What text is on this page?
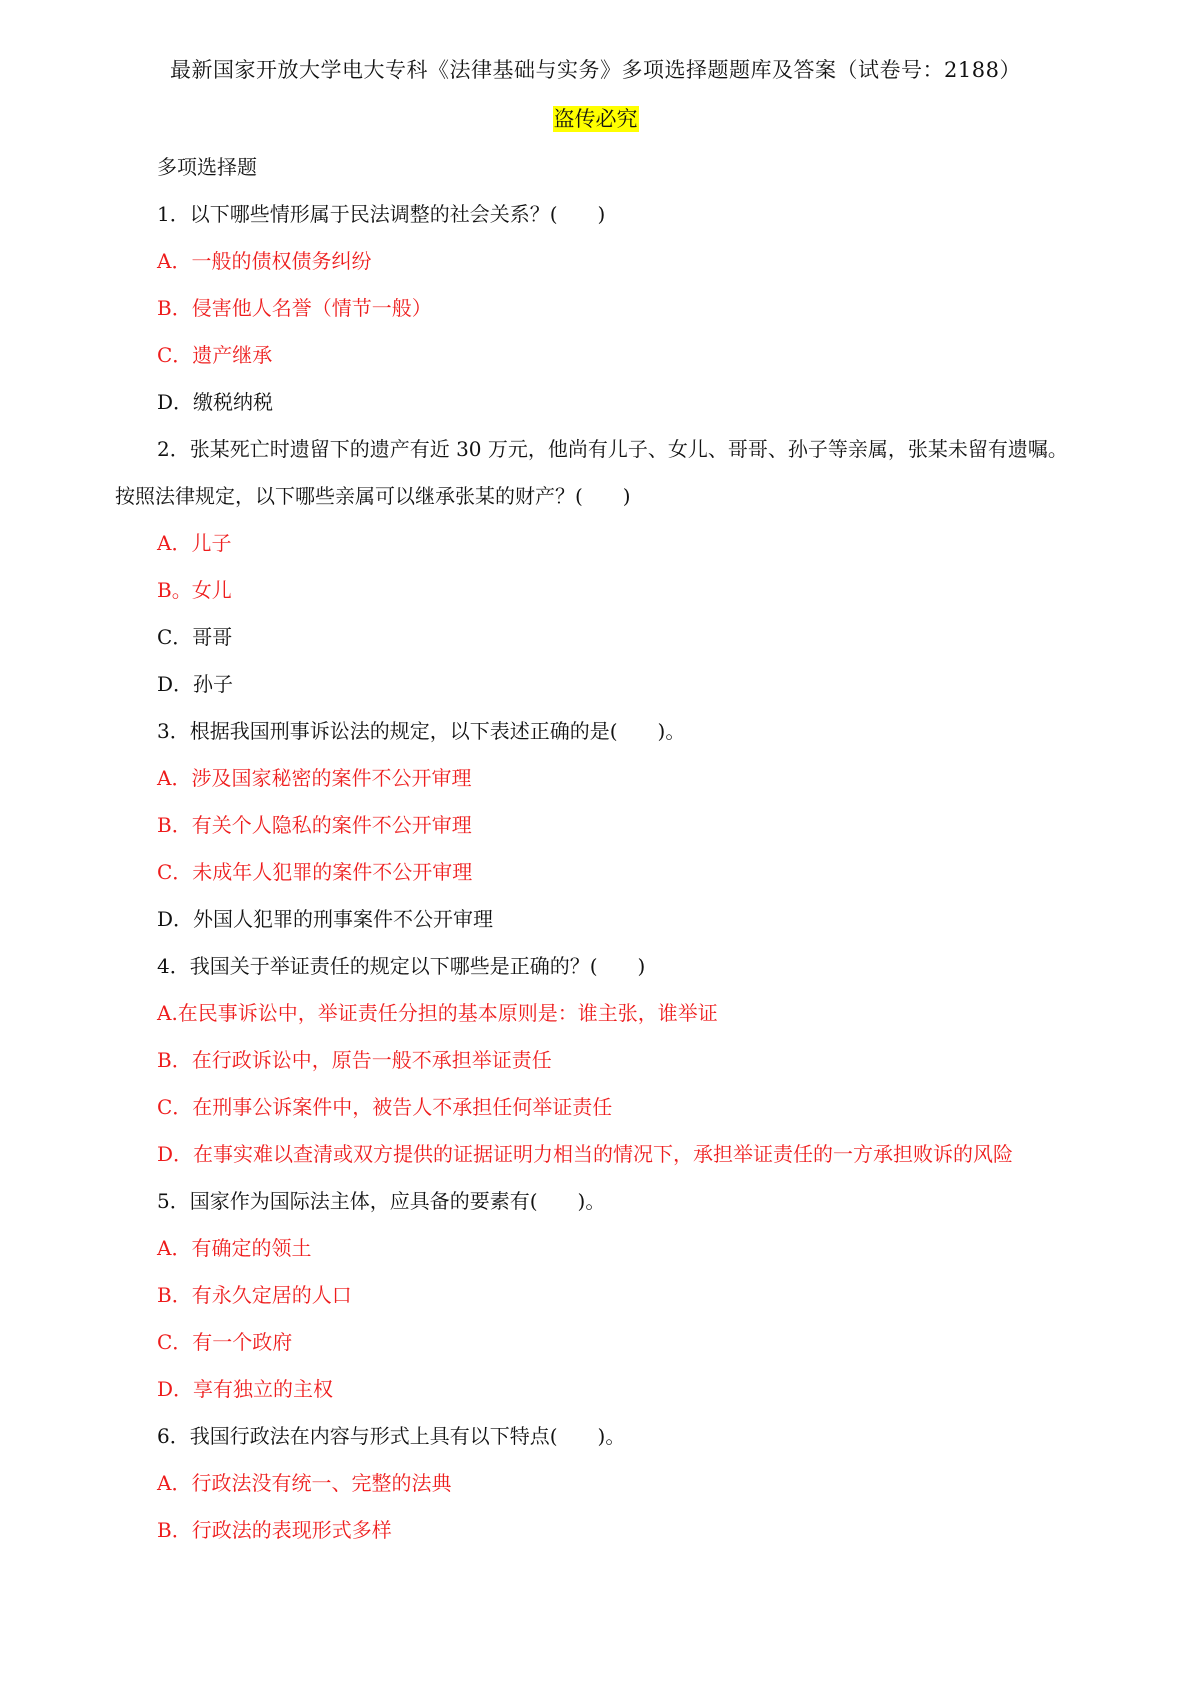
最新国家开放大学电大专科《法律基础与实务》多项选择题题库及答案（试卷号：2188）
盗传必究
多项选择题
1．以下哪些情形属于民法调整的社会关系？(　　)
A．一般的债权债务纠纷
B．侵害他人名誉（情节一般）
C．遗产继承
D．缴税纳税
2．张某死亡时遗留下的遗产有近 30 万元，他尚有儿子、女儿、哥哥、孙子等亲属，张某未留有遗嘱。
按照法律规定，以下哪些亲属可以继承张某的财产？(　　)
A．儿子
B。女儿
C．哥哥
D．孙子
3．根据我国刑事诉讼法的规定，以下表述正确的是(　　)。
A．涉及国家秘密的案件不公开审理
B．有关个人隐私的案件不公开审理
C．未成年人犯罪的案件不公开审理
D．外国人犯罪的刑事案件不公开审理
4．我国关于举证责任的规定以下哪些是正确的？(　　)
A.在民事诉讼中，举证责任分担的基本原则是：谁主张，谁举证
B．在行政诉讼中，原告一般不承担举证责任
C．在刑事公诉案件中，被告人不承担任何举证责任
D．在事实难以查清或双方提供的证据证明力相当的情况下，承担举证责任的一方承担败诉的风险
5．国家作为国际法主体，应具备的要素有(　　)。
A．有确定的领土
B．有永久定居的人口
C．有一个政府
D．享有独立的主权
6．我国行政法在内容与形式上具有以下特点(　　)。
A．行政法没有统一、完整的法典
B．行政法的表现形式多样
